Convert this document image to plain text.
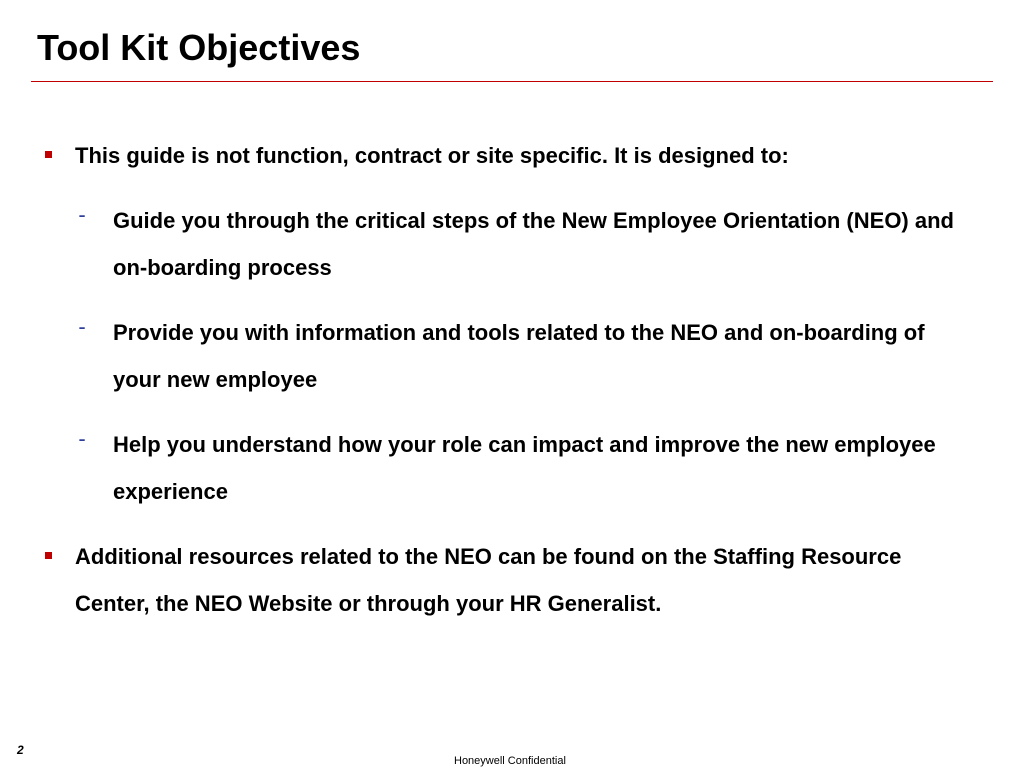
Tool Kit Objectives

This guide is not function, contract or site specific. It is designed to:

- Guide you through the critical steps of the New Employee Orientation (NEO) and on-boarding process

- Provide you with information and tools related to the NEO and on-boarding of your new employee

- Help you understand how your role can impact and improve the new employee experience

Additional resources related to the NEO can be found on the Staffing Resource Center, the NEO Website or through your HR Generalist.

2
Honeywell Confidential
